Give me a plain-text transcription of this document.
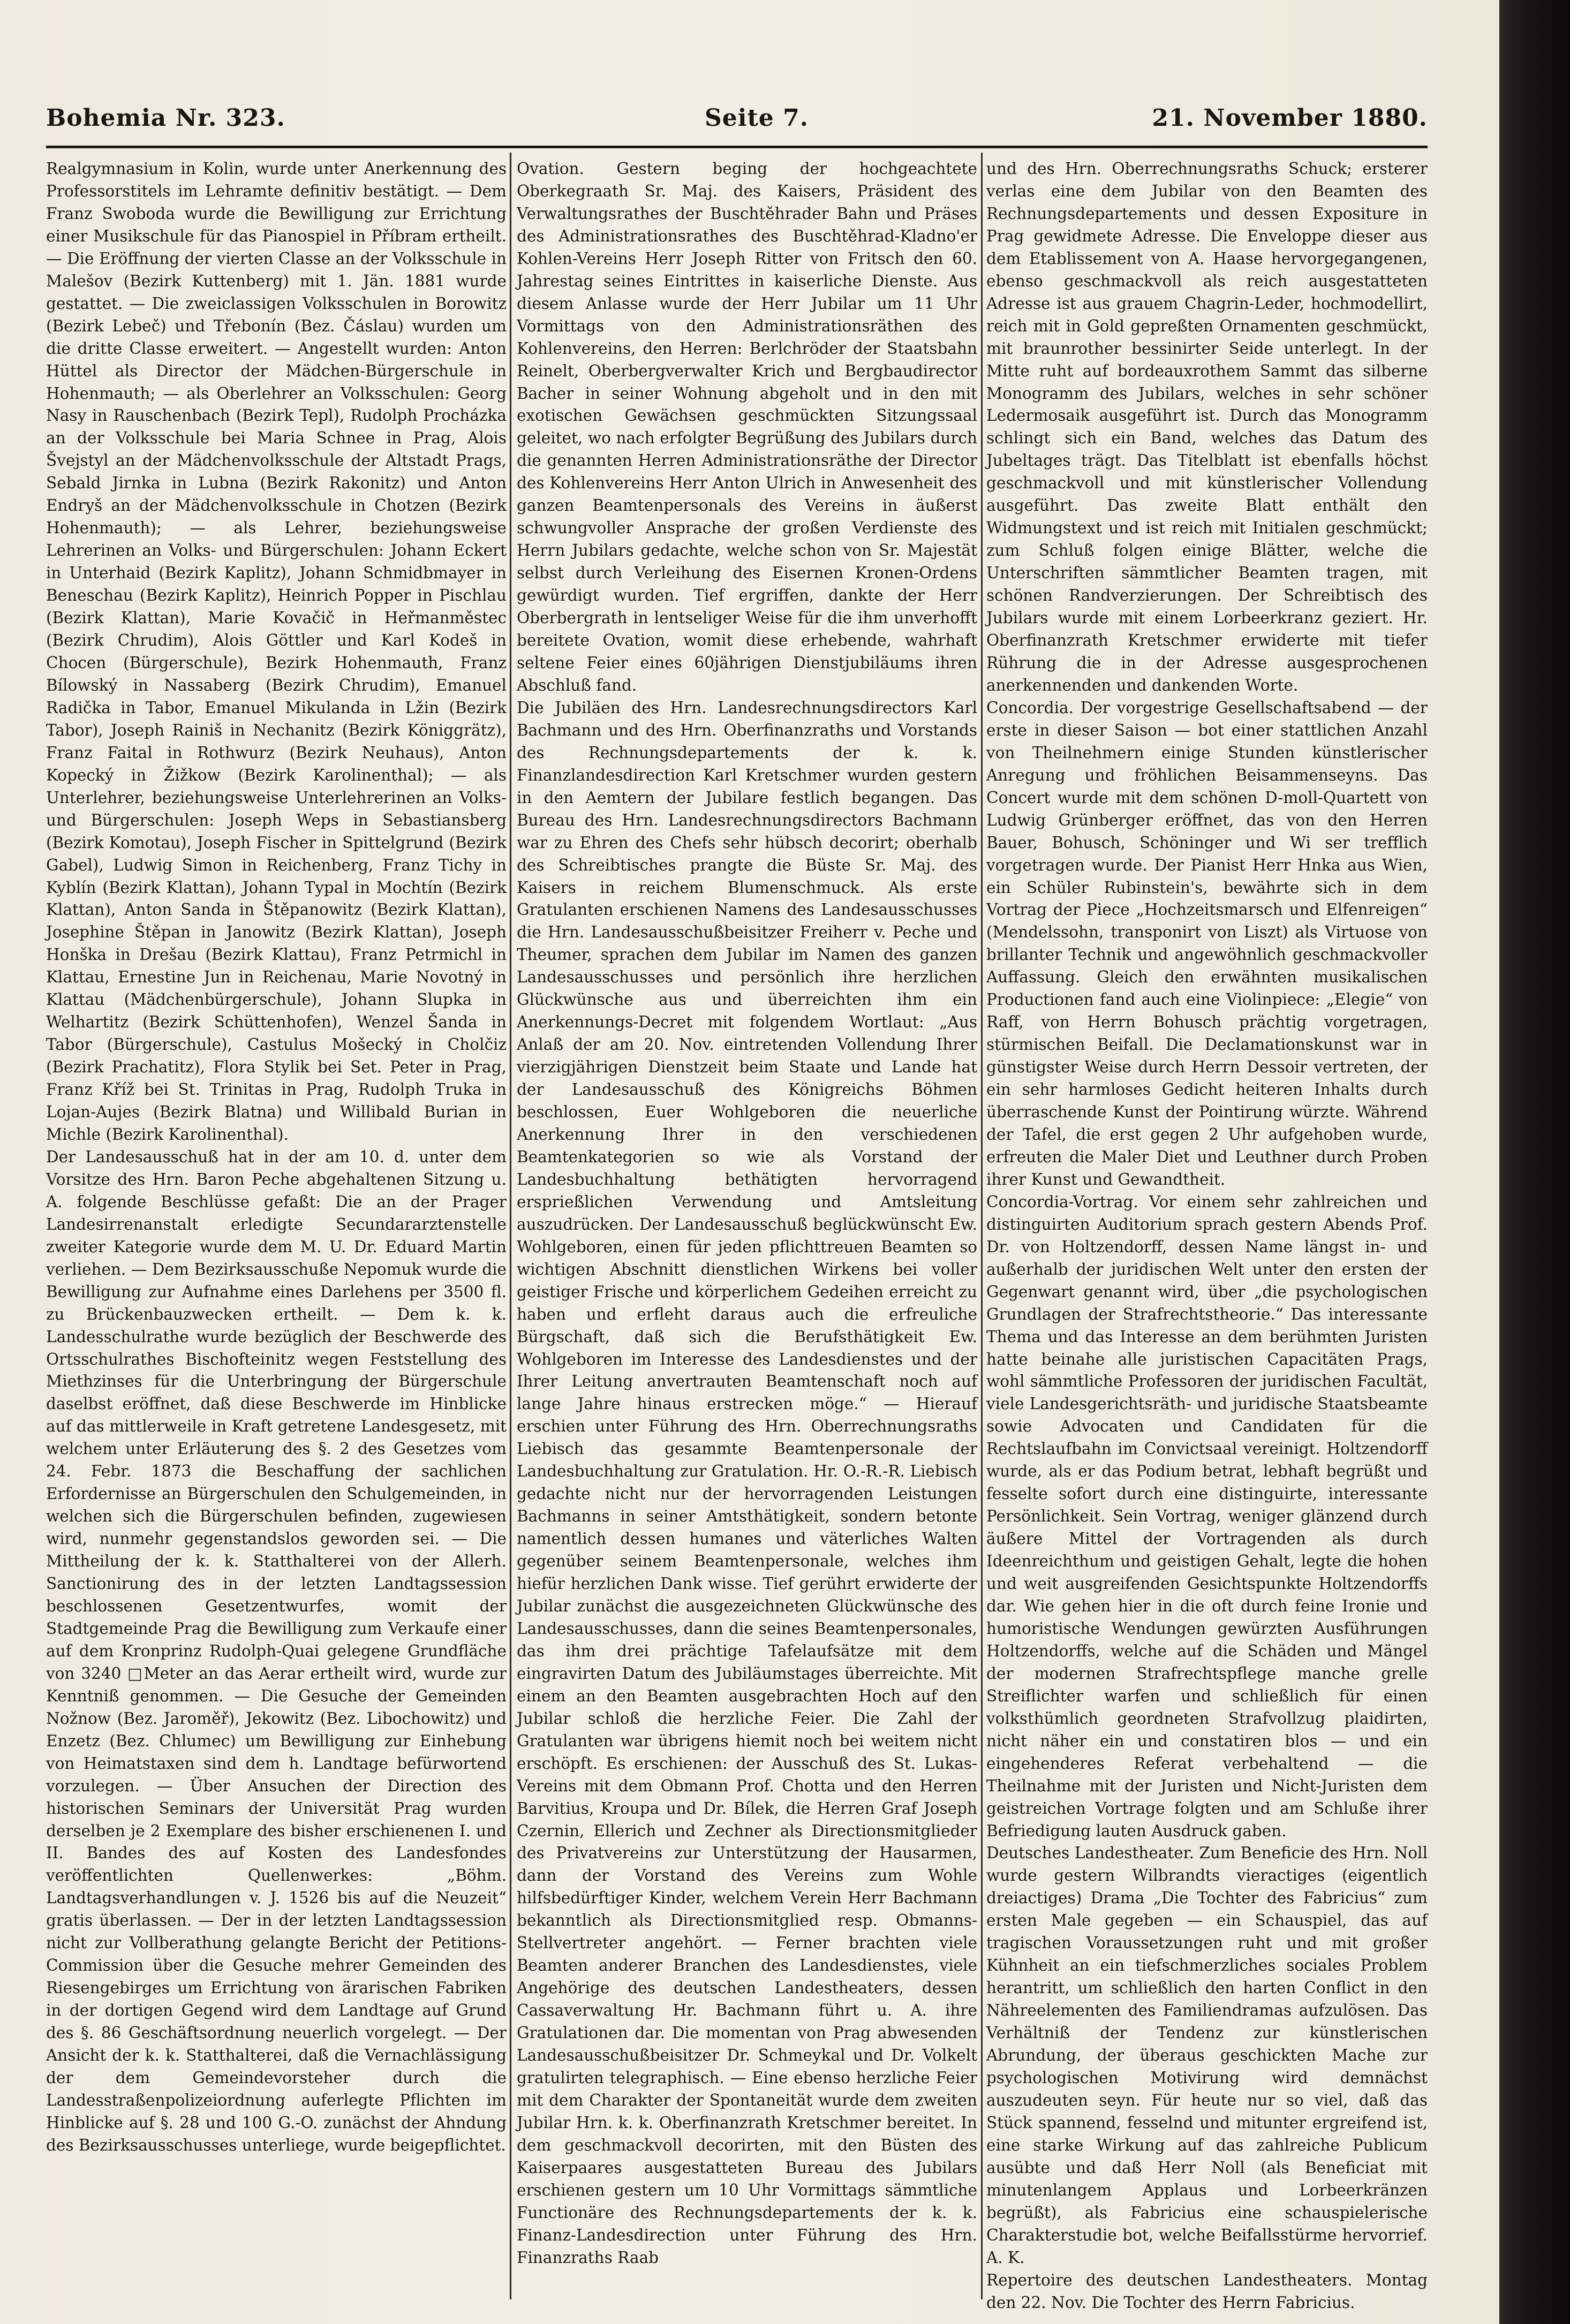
Bohemia Nr. 323.	Seite 7.	21. November 1880.

Realgymnasium in Kolin, wurde unter Anerkennung des Professorstitels im Lehramte definitiv bestätigt. — Dem Franz Swoboda wurde die Bewilligung zur Errichtung einer Musikschule für das Pianospiel in Příbram ertheilt. — Die Eröffnung der vierten Classe an der Volksschule in Malešov (Bezirk Kuttenberg) mit 1. Jän. 1881 wurde gestattet. — Die zweiclassigen Volksschulen in Borowitz (Bezirk Lebeč) und Třebonín (Bez. Čáslau) wurden um die dritte Classe erweitert. — Angestellt wurden: Anton Hüttel als Director der Mädchen-Bürgerschule in Hohenmauth; — als Oberlehrer an Volksschulen: Georg Nasy in Rauschenbach (Bezirk Tepl), Rudolph Procházka an der Volksschule bei Maria Schnee in Prag, Alois Švejstyl an der Mädchenvolksschule der Altstadt Prags, Sebald Jirnka in Lubna (Bezirk Rakonitz) und Anton Endryš an der Mädchenvolksschule in Chotzen (Bezirk Hohenmauth); — als Lehrer, beziehungsweise Lehrerinen an Volks- und Bürgerschulen: Johann Eckert in Unterhaid (Bezirk Kaplitz), Johann Schmidbmayer in Beneschau (Bezirk Kaplitz), Heinrich Popper in Pischlau (Bezirk Klattan), Marie Kovačič in Heřmanměstec (Bezirk Chrudim), Alois Göttler und Karl Kodeš in Chocen (Bürgerschule), Bezirk Hohenmauth, Franz Bílowský in Nassaberg (Bezirk Chrudim), Emanuel Radička in Tabor, Emanuel Mikulanda in Lžin (Bezirk Tabor), Joseph Rainiš in Nechanitz (Bezirk Königgrätz), Franz Faital in Rothwurz (Bezirk Neuhaus), Anton Kopecký in Žižkow (Bezirk Karolinenthal); — als Unterlehrer, beziehungsweise Unterlehrerinen an Volks- und Bürgerschulen: Joseph Weps in Sebastiansberg (Bezirk Komotau), Joseph Fischer in Spittelgrund (Bezirk Gabel), Ludwig Simon in Reichenberg, Franz Tichy in Kyblín (Bezirk Klattan), Johann Typal in Mochtín (Bezirk Klattan), Anton Sanda in Štěpanowitz (Bezirk Klattan), Josephine Štěpan in Janowitz (Bezirk Klattan), Joseph Honška in Drešau (Bezirk Klattau), Franz Petrmichl in Klattau, Ernestine Jun in Reichenau, Marie Novotný in Klattau (Mädchenbürgerschule), Johann Slupka in Welhartitz (Bezirk Schüttenhofen), Wenzel Šanda in Tabor (Bürgerschule), Castulus Mošecký in Cholčiz (Bezirk Prachatitz), Flora Stylik bei Set. Peter in Prag, Franz Kříž bei St. Trinitas in Prag, Rudolph Truka in Lojan-Aujes (Bezirk Blatna) und Willibald Burian in Michle (Bezirk Karolinenthal).

Der Landesausschuß hat in der am 10. d. unter dem Vorsitze des Hrn. Baron Peche abgehaltenen Sitzung u. A. folgende Beschlüsse gefaßt: Die an der Prager Landesirrenanstalt erledigte Secundararztenstelle zweiter Kategorie wurde dem M. U. Dr. Eduard Martin verliehen. — Dem Bezirksausschuße Nepomuk wurde die Bewilligung zur Aufnahme eines Darlehens per 3500 fl. zu Brückenbauzwecken ertheilt. — Dem k. k. Landesschulrathe wurde bezüglich der Beschwerde des Ortsschulrathes Bischofteinitz wegen Feststellung des Miethzinses für die Unterbringung der Bürgerschule daselbst eröffnet, daß diese Beschwerde im Hinblicke auf das mittlerweile in Kraft getretene Landesgesetz, mit welchem unter Erläuterung des §. 2 des Gesetzes vom 24. Febr. 1873 die Beschaffung der sachlichen Erfordernisse an Bürgerschulen den Schulgemeinden, in welchen sich die Bürgerschulen befinden, zugewiesen wird, nunmehr gegenstandslos geworden sei. — Die Mittheilung der k. k. Statthalterei von der Allerh. Sanctionirung des in der letzten Landtagssession beschlossenen Gesetzentwurfes, womit der Stadtgemeinde Prag die Bewilligung zum Verkaufe einer auf dem Kronprinz Rudolph-Quai gelegene Grundfläche von 3240 □Meter an das Aerar ertheilt wird, wurde zur Kenntniß genommen. — Die Gesuche der Gemeinden Nožnow (Bez. Jaroměř), Jekowitz (Bez. Libochowitz) und Enzetz (Bez. Chlumec) um Bewilligung zur Einhebung von Heimatstaxen sind dem h. Landtage befürwortend vorzulegen. — Über Ansuchen der Direction des historischen Seminars der Universität Prag wurden derselben je 2 Exemplare des bisher erschienenen I. und II. Bandes des auf Kosten des Landesfondes veröffentlichten Quellenwerkes: „Böhm. Landtagsverhandlungen v. J. 1526 bis auf die Neuzeit“ gratis überlassen. — Der in der letzten Landtagssession nicht zur Vollberathung gelangte Bericht der Petitions-Commission über die Gesuche mehrer Gemeinden des Riesengebirges um Errichtung von ärarischen Fabriken in der dortigen Gegend wird dem Landtage auf Grund des §. 86 Geschäftsordnung neuerlich vorgelegt. — Der Ansicht der k. k. Statthalterei, daß die Vernachlässigung der dem Gemeindevorsteher durch die Landesstraßenpolizeiordnung auferlegte Pflichten im Hinblicke auf §. 28 und 100 G.-O. zunächst der Ahndung des Bezirksausschusses unterliege, wurde beigepflichtet.

Ovation. Gestern beging der hochgeachtete Oberkegraath Sr. Maj. des Kaisers, Präsident des Verwaltungsrathes der Buschtěhrader Bahn und Präses des Administrationsrathes des Buschtěhrad-Kladno'er Kohlen-Vereins Herr Joseph Ritter von Fritsch den 60. Jahrestag seines Eintrittes in kaiserliche Dienste. Aus diesem Anlasse wurde der Herr Jubilar um 11 Uhr Vormittags von den Administrationsräthen des Kohlenvereins, den Herren: Berlchröder der Staatsbahn Reinelt, Oberbergverwalter Krich und Bergbaudirector Bacher in seiner Wohnung abgeholt und in den mit exotischen Gewächsen geschmückten Sitzungssaal geleitet, wo nach erfolgter Begrüßung des Jubilars durch die genannten Herren Administrationsräthe der Director des Kohlenvereins Herr Anton Ulrich in Anwesenheit des ganzen Beamtenpersonals des Vereins in äußerst schwungvoller Ansprache der großen Verdienste des Herrn Jubilars gedachte, welche schon von Sr. Majestät selbst durch Verleihung des Eisernen Kronen-Ordens gewürdigt wurden. Tief ergriffen, dankte der Herr Oberbergrath in lentseliger Weise für die ihm unverhofft bereitete Ovation, womit diese erhebende, wahrhaft seltene Feier eines 60jährigen Dienstjubiläums ihren Abschluß fand.

Die Jubiläen des Hrn. Landesrechnungsdirectors Karl Bachmann und des Hrn. Oberfinanzraths und Vorstands des Rechnungsdepartements der k. k. Finanzlandesdirection Karl Kretschmer wurden gestern in den Aemtern der Jubilare festlich begangen. Das Bureau des Hrn. Landesrechnungsdirectors Bachmann war zu Ehren des Chefs sehr hübsch decorirt; oberhalb des Schreibtisches prangte die Büste Sr. Maj. des Kaisers in reichem Blumenschmuck. Als erste Gratulanten erschienen Namens des Landesausschusses die Hrn. Landesausschußbeisitzer Freiherr v. Peche und Theumer, sprachen dem Jubilar im Namen des ganzen Landesausschusses und persönlich ihre herzlichen Glückwünsche aus und überreichten ihm ein Anerkennungs-Decret mit folgendem Wortlaut: „Aus Anlaß der am 20. Nov. eintretenden Vollendung Ihrer vierzigjährigen Dienstzeit beim Staate und Lande hat der Landesausschuß des Königreichs Böhmen beschlossen, Euer Wohlgeboren die neuerliche Anerkennung Ihrer in den verschiedenen Beamtenkategorien so wie als Vorstand der Landesbuchhaltung bethätigten hervorragend ersprießlichen Verwendung und Amtsleitung auszudrücken. Der Landesausschuß beglückwünscht Ew. Wohlgeboren, einen für jeden pflichttreuen Beamten so wichtigen Abschnitt dienstlichen Wirkens bei voller geistiger Frische und körperlichem Gedeihen erreicht zu haben und erfleht daraus auch die erfreuliche Bürgschaft, daß sich die Berufsthätigkeit Ew. Wohlgeboren im Interesse des Landesdienstes und der Ihrer Leitung anvertrauten Beamtenschaft noch auf lange Jahre hinaus erstrecken möge.“ — Hierauf erschien unter Führung des Hrn. Oberrechnungsraths Liebisch das gesammte Beamtenpersonale der Landesbuchhaltung zur Gratulation. Hr. O.-R.-R. Liebisch gedachte nicht nur der hervorragenden Leistungen Bachmanns in seiner Amtsthätigkeit, sondern betonte namentlich dessen humanes und väterliches Walten gegenüber seinem Beamtenpersonale, welches ihm hiefür herzlichen Dank wisse. Tief gerührt erwiderte der Jubilar zunächst die ausgezeichneten Glückwünsche des Landesausschusses, dann die seines Beamtenpersonales, das ihm drei prächtige Tafelaufsätze mit dem eingravirten Datum des Jubiläumstages überreichte. Mit einem an den Beamten ausgebrachten Hoch auf den Jubilar schloß die herzliche Feier. Die Zahl der Gratulanten war übrigens hiemit noch bei weitem nicht erschöpft. Es erschienen: der Ausschuß des St. Lukas-Vereins mit dem Obmann Prof. Chotta und den Herren Barvitius, Kroupa und Dr. Bílek, die Herren Graf Joseph Czernin, Ellerich und Zechner als Directionsmitglieder des Privatvereins zur Unterstützung der Hausarmen, dann der Vorstand des Vereins zum Wohle hilfsbedürftiger Kinder, welchem Verein Herr Bachmann bekanntlich als Directionsmitglied resp. Obmanns-Stellvertreter angehört. — Ferner brachten viele Beamten anderer Branchen des Landesdienstes, viele Angehörige des deutschen Landestheaters, dessen Cassaverwaltung Hr. Bachmann führt u. A. ihre Gratulationen dar. Die momentan von Prag abwesenden Landesausschußbeisitzer Dr. Schmeykal und Dr. Volkelt gratulirten telegraphisch. — Eine ebenso herzliche Feier mit dem Charakter der Spontaneität wurde dem zweiten Jubilar Hrn. k. k. Oberfinanzrath Kretschmer bereitet. In dem geschmackvoll decorirten, mit den Büsten des Kaiserpaares ausgestatteten Bureau des Jubilars erschienen gestern um 10 Uhr Vormittags sämmtliche Functionäre des Rechnungsdepartements der k. k. Finanz-Landesdirection unter Führung des Hrn. Finanzraths Raab

und des Hrn. Oberrechnungsraths Schuck; ersterer verlas eine dem Jubilar von den Beamten des Rechnungsdepartements und dessen Expositure in Prag gewidmete Adresse. Die Enveloppe dieser aus dem Etablissement von A. Haase hervorgegangenen, ebenso geschmackvoll als reich ausgestatteten Adresse ist aus grauem Chagrin-Leder, hochmodellirt, reich mit in Gold gepreßten Ornamenten geschmückt, mit braunrother bessinirter Seide unterlegt. In der Mitte ruht auf bordeauxrothem Sammt das silberne Monogramm des Jubilars, welches in sehr schöner Ledermosaik ausgeführt ist. Durch das Monogramm schlingt sich ein Band, welches das Datum des Jubeltages trägt. Das Titelblatt ist ebenfalls höchst geschmackvoll und mit künstlerischer Vollendung ausgeführt. Das zweite Blatt enthält den Widmungstext und ist reich mit Initialen geschmückt; zum Schluß folgen einige Blätter, welche die Unterschriften sämmtlicher Beamten tragen, mit schönen Randverzierungen. Der Schreibtisch des Jubilars wurde mit einem Lorbeerkranz geziert. Hr. Oberfinanzrath Kretschmer erwiderte mit tiefer Rührung die in der Adresse ausgesprochenen anerkennenden und dankenden Worte.

Concordia. Der vorgestrige Gesellschaftsabend — der erste in dieser Saison — bot einer stattlichen Anzahl von Theilnehmern einige Stunden künstlerischer Anregung und fröhlichen Beisammenseyns. Das Concert wurde mit dem schönen D-moll-Quartett von Ludwig Grünberger eröffnet, das von den Herren Bauer, Bohusch, Schöninger und Wi ser trefflich vorgetragen wurde. Der Pianist Herr Hnka aus Wien, ein Schüler Rubinstein's, bewährte sich in dem Vortrag der Piece „Hochzeitsmarsch und Elfenreigen“ (Mendelssohn, transponirt von Liszt) als Virtuose von brillanter Technik und angewöhnlich geschmackvoller Auffassung. Gleich den erwähnten musikalischen Productionen fand auch eine Violinpiece: „Elegie“ von Raff, von Herrn Bohusch prächtig vorgetragen, stürmischen Beifall. Die Declamationskunst war in günstigster Weise durch Herrn Dessoir vertreten, der ein sehr harmloses Gedicht heiteren Inhalts durch überraschende Kunst der Pointirung würzte. Während der Tafel, die erst gegen 2 Uhr aufgehoben wurde, erfreuten die Maler Diet und Leuthner durch Proben ihrer Kunst und Gewandtheit.

Concordia-Vortrag. Vor einem sehr zahlreichen und distinguirten Auditorium sprach gestern Abends Prof. Dr. von Holtzendorff, dessen Name längst in- und außerhalb der juridischen Welt unter den ersten der Gegenwart genannt wird, über „die psychologischen Grundlagen der Strafrechtstheorie.“ Das interessante Thema und das Interesse an dem berühmten Juristen hatte beinahe alle juristischen Capacitäten Prags, wohl sämmtliche Professoren der juridischen Facultät, viele Landesgerichtsräth- und juridische Staatsbeamte sowie Advocaten und Candidaten für die Rechtslaufbahn im Convictsaal vereinigt. Holtzendorff wurde, als er das Podium betrat, lebhaft begrüßt und fesselte sofort durch eine distinguirte, interessante Persönlichkeit. Sein Vortrag, weniger glänzend durch äußere Mittel der Vortragenden als durch Ideenreichthum und geistigen Gehalt, legte die hohen und weit ausgreifenden Gesichtspunkte Holtzendorffs dar. Wie gehen hier in die oft durch feine Ironie und humoristische Wendungen gewürzten Ausführungen Holtzendorffs, welche auf die Schäden und Mängel der modernen Strafrechtspflege manche grelle Streiflichter warfen und schließlich für einen volksthümlich geordneten Strafvollzug plaidirten, nicht näher ein und constatiren blos — und ein eingehenderes Referat verbehaltend — die Theilnahme mit der Juristen und Nicht-Juristen dem geistreichen Vortrage folgten und am Schluße ihrer Befriedigung lauten Ausdruck gaben.

Deutsches Landestheater. Zum Beneficie des Hrn. Noll wurde gestern Wilbrandts vieractiges (eigentlich dreiactiges) Drama „Die Tochter des Fabricius“ zum ersten Male gegeben — ein Schauspiel, das auf tragischen Voraussetzungen ruht und mit großer Kühnheit an ein tiefschmerzliches sociales Problem herantritt, um schließlich den harten Conflict in den Nähreelementen des Familiendramas aufzulösen. Das Verhältniß der Tendenz zur künstlerischen Abrundung, der überaus geschickten Mache zur psychologischen Motivirung wird demnächst auszudeuten seyn. Für heute nur so viel, daß das Stück spannend, fesselnd und mitunter ergreifend ist, eine starke Wirkung auf das zahlreiche Publicum ausübte und daß Herr Noll (als Beneficiat mit minutenlangem Applaus und Lorbeerkränzen begrüßt), als Fabricius eine schauspielerische Charakterstudie bot, welche Beifallsstürme hervorrief. A. K.

Repertoire des deutschen Landestheaters. Montag den 22. Nov. Die Tochter des Herrn Fabricius.
